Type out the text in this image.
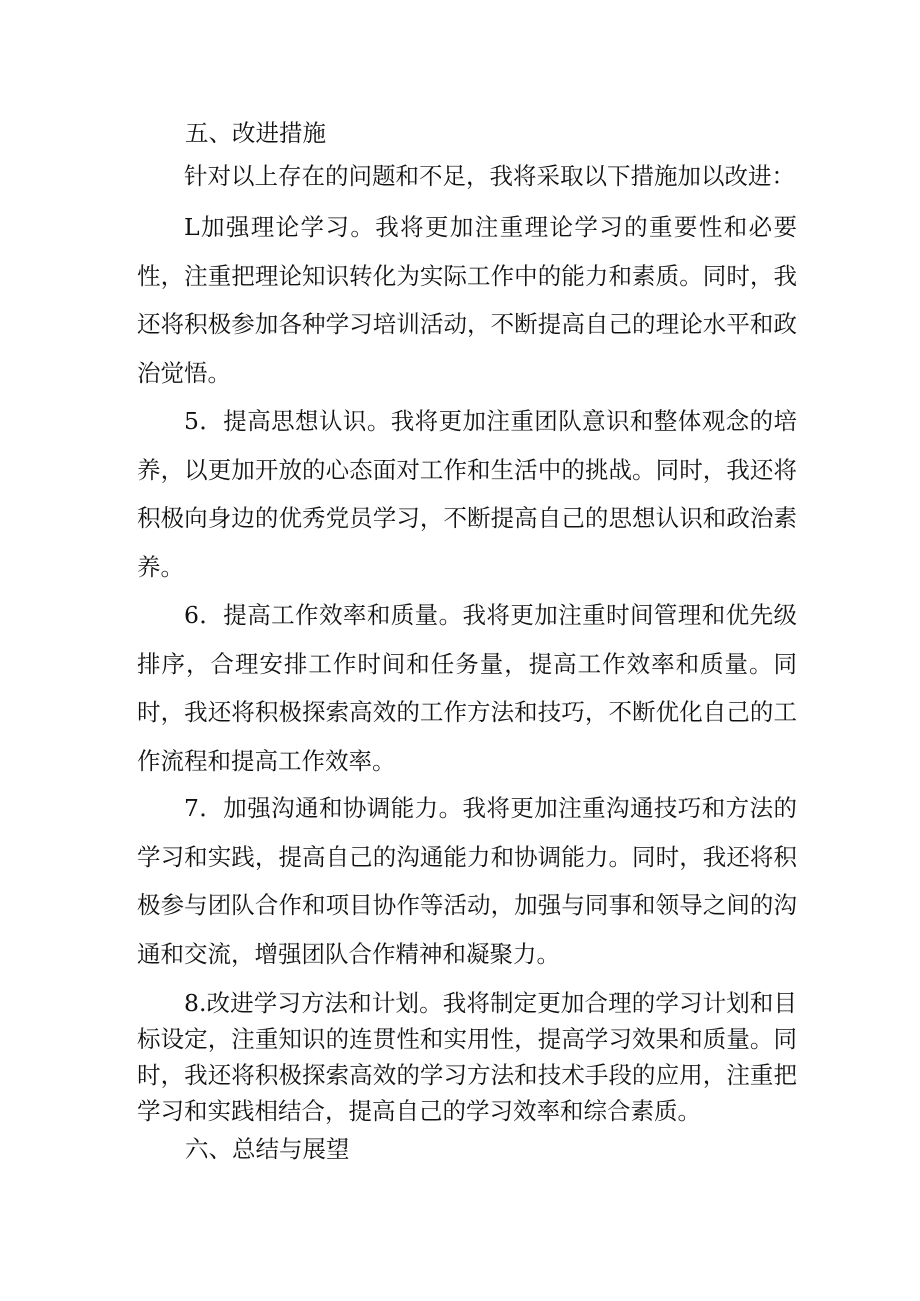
五、改进措施

针对以上存在的问题和不足，我将采取以下措施加以改进：

L加强理论学习。我将更加注重理论学习的重要性和必要性，注重把理论知识转化为实际工作中的能力和素质。同时，我还将积极参加各种学习培训活动，不断提高自己的理论水平和政治觉悟。

5．提高思想认识。我将更加注重团队意识和整体观念的培养，以更加开放的心态面对工作和生活中的挑战。同时，我还将积极向身边的优秀党员学习，不断提高自己的思想认识和政治素养。

6．提高工作效率和质量。我将更加注重时间管理和优先级排序，合理安排工作时间和任务量，提高工作效率和质量。同时，我还将积极探索高效的工作方法和技巧，不断优化自己的工作流程和提高工作效率。

7．加强沟通和协调能力。我将更加注重沟通技巧和方法的学习和实践，提高自己的沟通能力和协调能力。同时，我还将积极参与团队合作和项目协作等活动，加强与同事和领导之间的沟通和交流，增强团队合作精神和凝聚力。

8.改进学习方法和计划。我将制定更加合理的学习计划和目标设定，注重知识的连贯性和实用性，提高学习效果和质量。同时，我还将积极探索高效的学习方法和技术手段的应用，注重把学习和实践相结合，提高自己的学习效率和综合素质。

六、总结与展望
